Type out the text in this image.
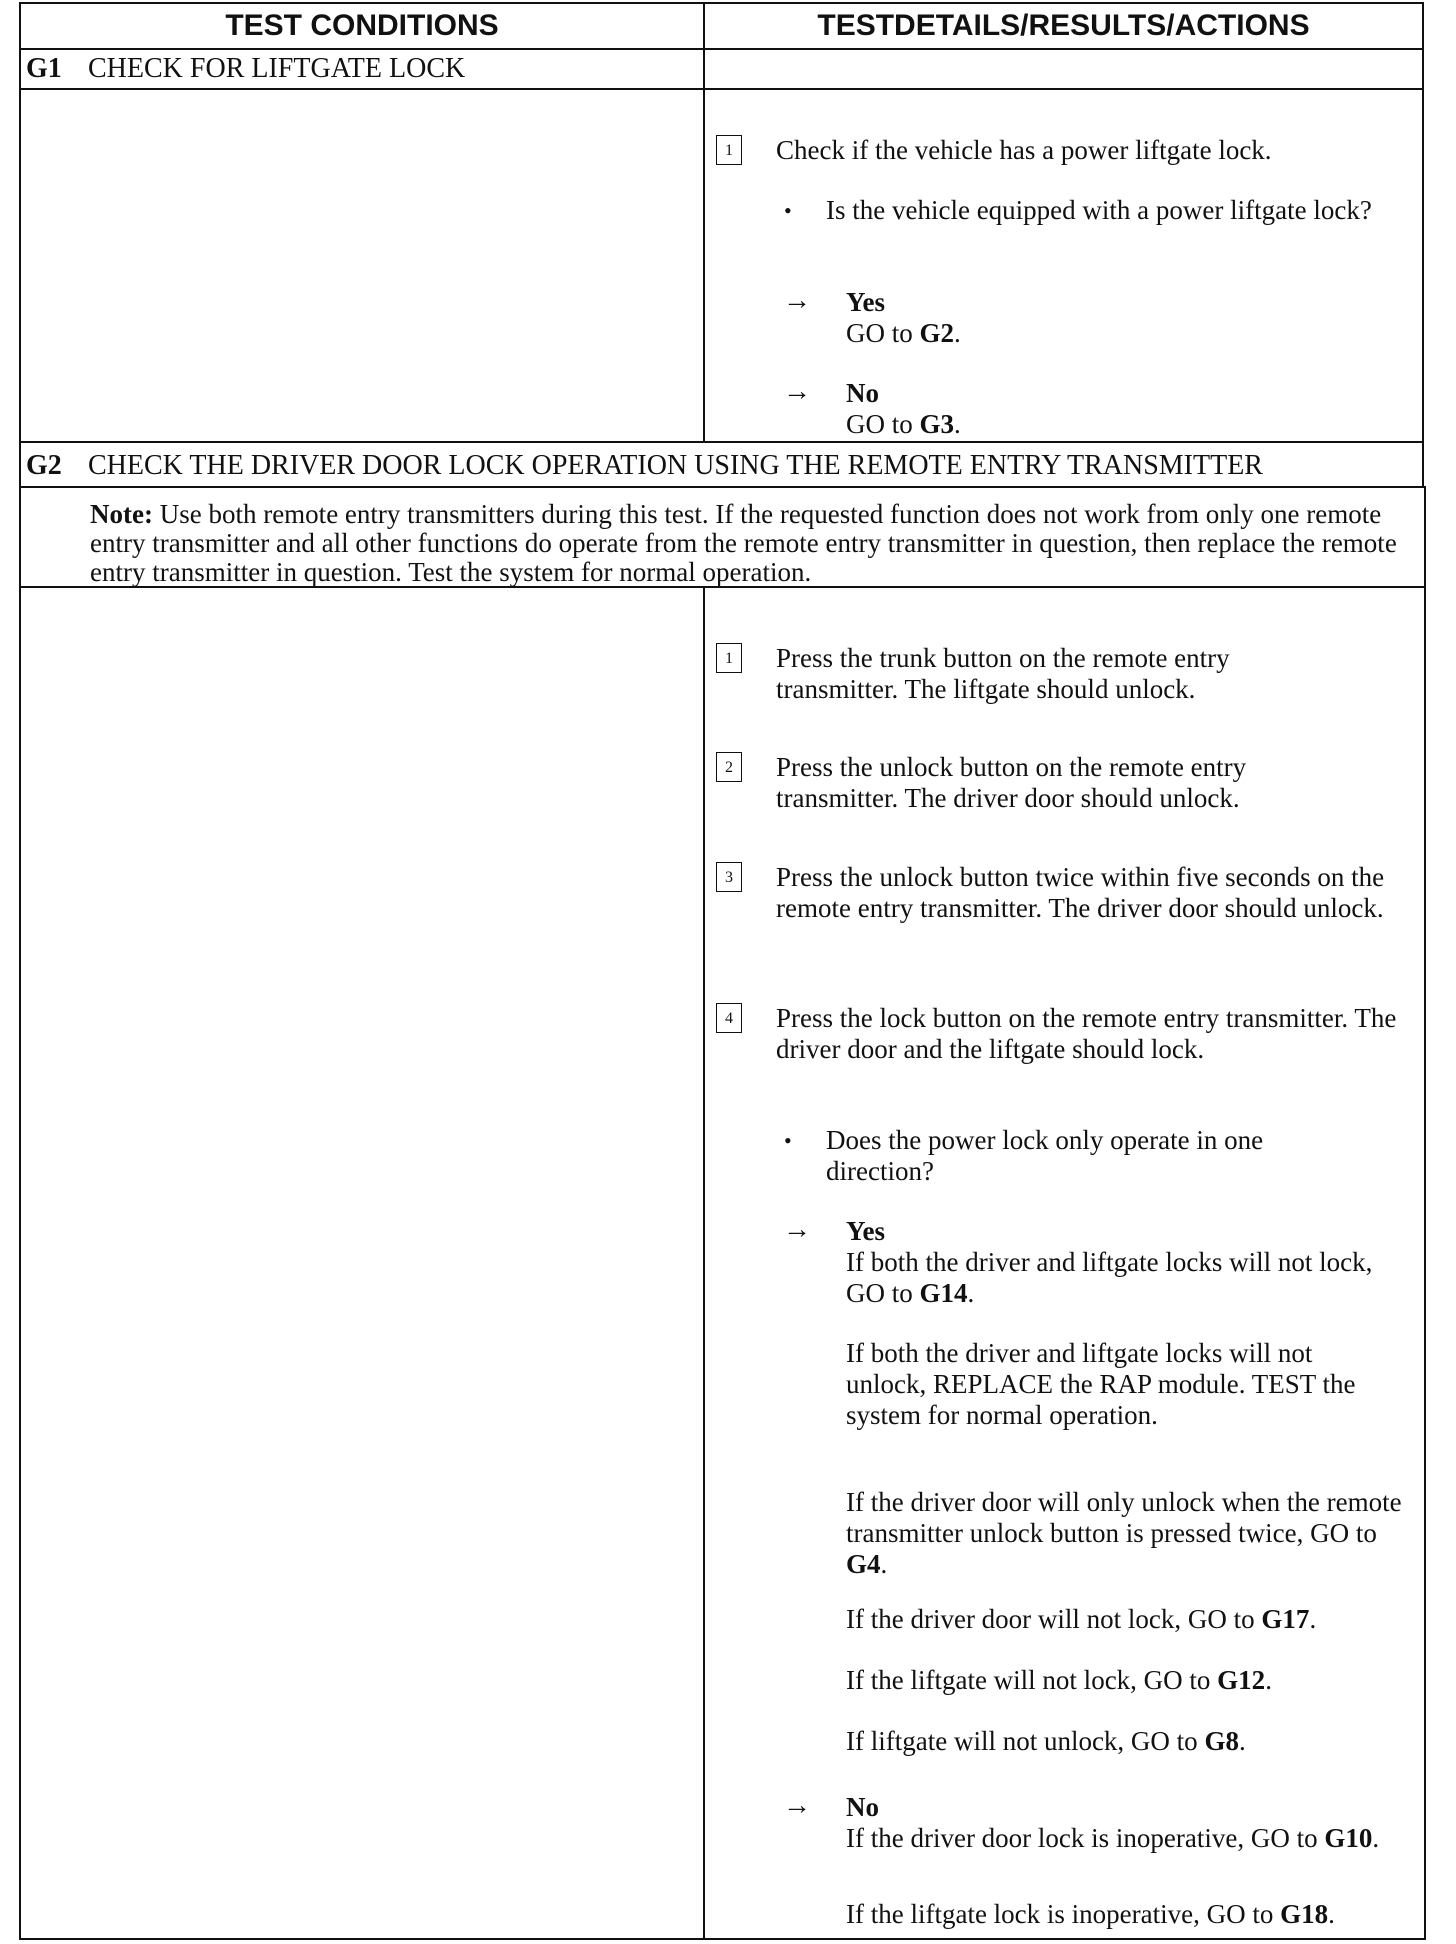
TEST CONDITIONS	TESTDETAILS/RESULTS/ACTIONS
G1 CHECK FOR LIFTGATE LOCK
1	Check if the vehicle has a power liftgate lock.
• Is the vehicle equipped with a power liftgate lock?
→ Yes
GO to G2.
→ No
GO to G3.
G2 CHECK THE DRIVER DOOR LOCK OPERATION USING THE REMOTE ENTRY TRANSMITTER
Note: Use both remote entry transmitters during this test. If the requested function does not work from only one remote entry transmitter and all other functions do operate from the remote entry transmitter in question, then replace the remote entry transmitter in question. Test the system for normal operation.
1	Press the trunk button on the remote entry transmitter. The liftgate should unlock.
2	Press the unlock button on the remote entry transmitter. The driver door should unlock.
3	Press the unlock button twice within five seconds on the remote entry transmitter. The driver door should unlock.
4	Press the lock button on the remote entry transmitter. The driver door and the liftgate should lock.
• Does the power lock only operate in one direction?
→ Yes
If both the driver and liftgate locks will not lock, GO to G14.
If both the driver and liftgate locks will not unlock, REPLACE the RAP module. TEST the system for normal operation.
If the driver door will only unlock when the remote transmitter unlock button is pressed twice, GO to G4.
If the driver door will not lock, GO to G17.
If the liftgate will not lock, GO to G12.
If liftgate will not unlock, GO to G8.
→ No
If the driver door lock is inoperative, GO to G10.
If the liftgate lock is inoperative, GO to G18.
